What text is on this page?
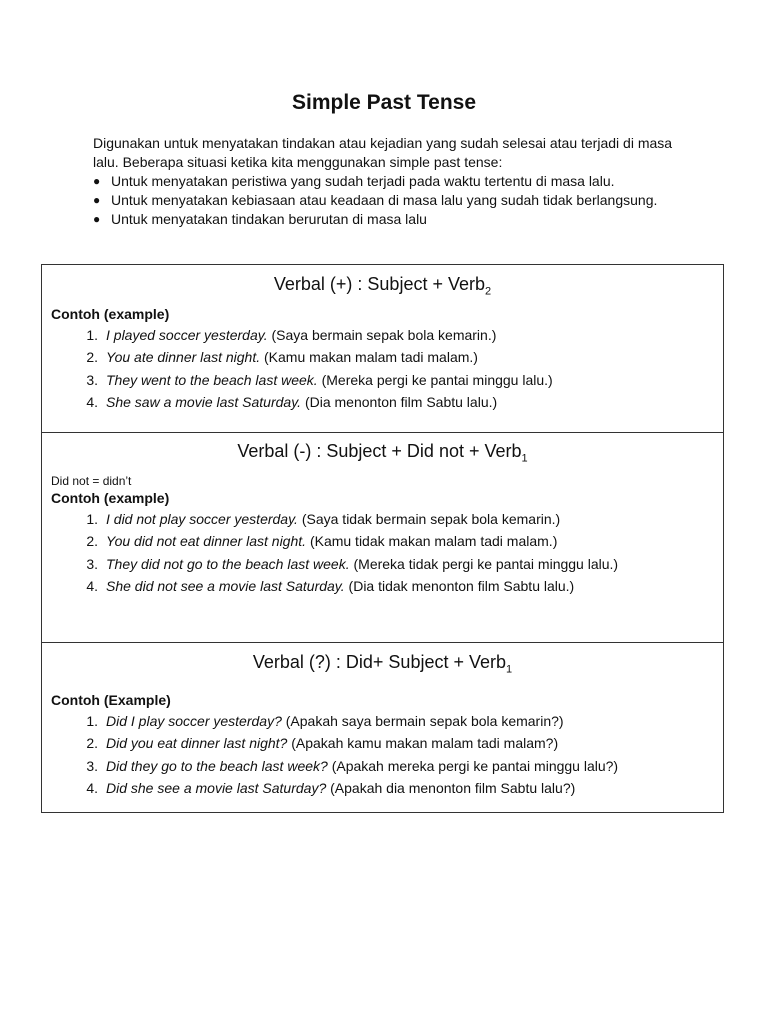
Simple Past Tense

Digunakan untuk menyatakan tindakan atau kejadian yang sudah selesai atau terjadi di masa lalu. Beberapa situasi ketika kita menggunakan simple past tense:

● Untuk menyatakan peristiwa yang sudah terjadi pada waktu tertentu di masa lalu.
● Untuk menyatakan kebiasaan atau keadaan di masa lalu yang sudah tidak berlangsung.
● Untuk menyatakan tindakan berurutan di masa lalu

Verbal (+) : Subject + Verb$_2$

Contoh (example)

1. I played soccer yesterday. (Saya bermain sepak bola kemarin.)
2. You ate dinner last night. (Kamu makan malam tadi malam.)
3. They went to the beach last week. (Mereka pergi ke pantai minggu lalu.)
4. She saw a movie last Saturday. (Dia menonton film Sabtu lalu.)

Verbal (-) : Subject + Did not + Verb$_1$

Did not = didn’t

Contoh (example)

1. I did not play soccer yesterday. (Saya tidak bermain sepak bola kemarin.)
2. You did not eat dinner last night. (Kamu tidak makan malam tadi malam.)
3. They did not go to the beach last week. (Mereka tidak pergi ke pantai minggu lalu.)
4. She did not see a movie last Saturday. (Dia tidak menonton film Sabtu lalu.)

Verbal (?) : Did+ Subject + Verb$_1$

Contoh (Example)

1. Did I play soccer yesterday? (Apakah saya bermain sepak bola kemarin?)
2. Did you eat dinner last night? (Apakah kamu makan malam tadi malam?)
3. Did they go to the beach last week? (Apakah mereka pergi ke pantai minggu lalu?)
4. Did she see a movie last Saturday? (Apakah dia menonton film Sabtu lalu?)
